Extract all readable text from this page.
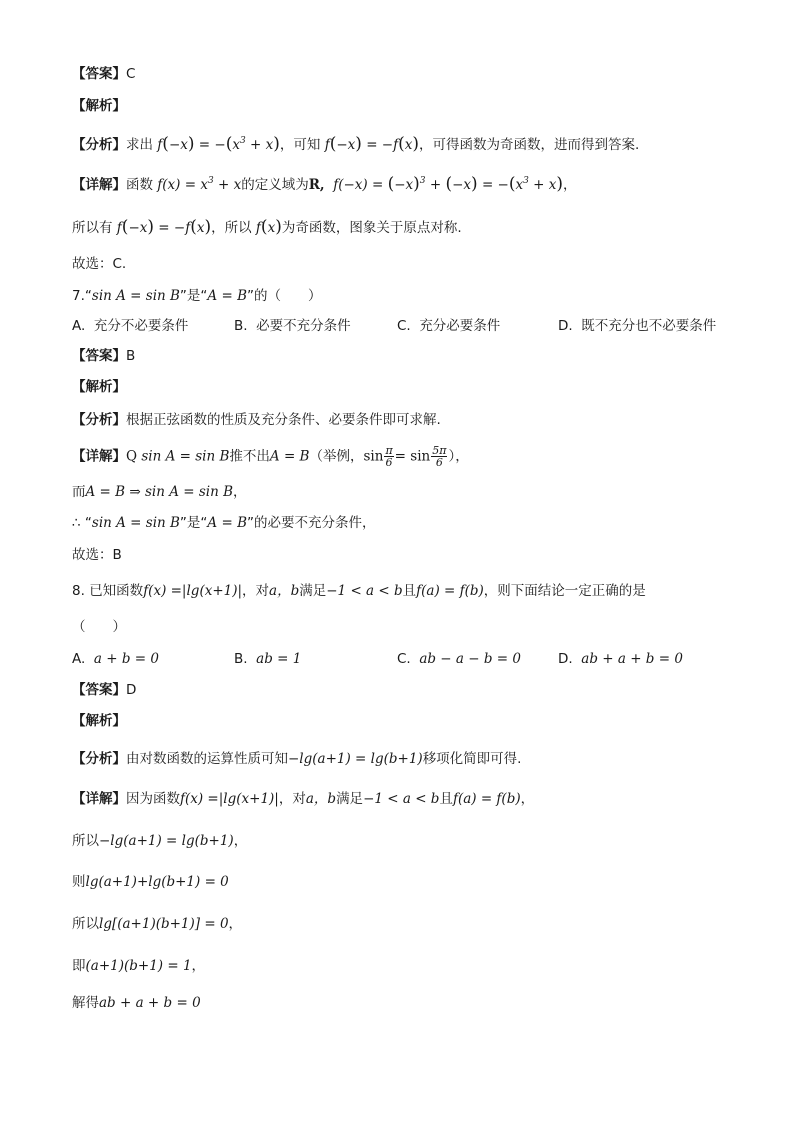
【答案】C
【解析】
【分析】求出 $f(-x) = -(x^3 + x)$，可知 f(−x) = −f(x)，可得函数为奇函数，进而得到答案.
【详解】函数 $f(x) = x^3 + x$的定义域为R, $f(-x) = (-x)^3 + (-x) = -(x^3 + x)$，
所以有 f(−x) = −f(x)，所以 f(x)为奇函数，图象关于原点对称.
故选：C.
7.“sin A = sin B”是“A = B”的（　　）
A. 充分不必要条件	B. 必要不充分条件	C. 充分必要条件	D. 既不充分也不必要条件
【答案】B
【解析】
【分析】根据正弦函数的性质及充分条件、必要条件即可求解.
【详解】Q sin A = sin B推不出A = B（举例，$\sin \frac{\pi}{6} = \sin \frac{5\pi}{6}$ ），
而A = B ⇒ sin A = sin B，
∴ “sin A = sin B”是“A = B”的必要不充分条件，
故选：B
8. 已知函数f(x) =|lg(x+1)|，对a，b满足−1 < a < b且f(a) = f(b)，则下面结论一定正确的是
（　　）
A. a + b = 0	B. ab = 1	C. ab − a − b = 0	D. ab + a + b = 0
【答案】D
【解析】
【分析】由对数函数的运算性质可知−lg(a+1) = lg(b+1)移项化简即可得.
【详解】因为函数f(x) =|lg(x+1)|，对a，b满足−1 < a < b且f(a) = f(b)，
所以−lg(a+1) = lg(b+1)，
则lg(a+1)+lg(b+1) = 0
所以lg[(a+1)(b+1)] = 0，
即(a+1)(b+1) = 1，
解得ab + a + b = 0
